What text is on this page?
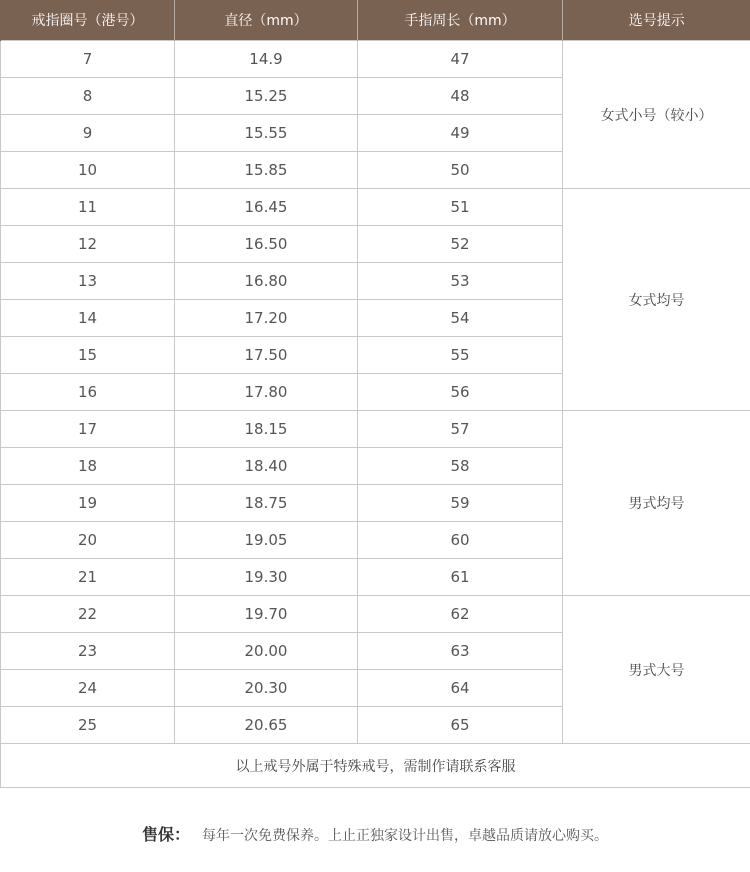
戒指圈号（港号）	直径（mm）	手指周长（mm）	选号提示
7	14.9	47	女式小号（较小）
8	15.25	48	
9	15.55	49	
10	15.85	50	
11	16.45	51	女式均号
12	16.50	52	
13	16.80	53	
14	17.20	54	
15	17.50	55	
16	17.80	56	
17	18.15	57	男式均号
18	18.40	58	
19	18.75	59	
20	19.05	60	
21	19.30	61	
22	19.70	62	男式大号
23	20.00	63	
24	20.30	64	
25	20.65	65	
以上戒号外属于特殊戒号，需制作请联系客服			
售保： 每年一次免费保养。上止正独家设计出售，卓越品质请放心购买。
